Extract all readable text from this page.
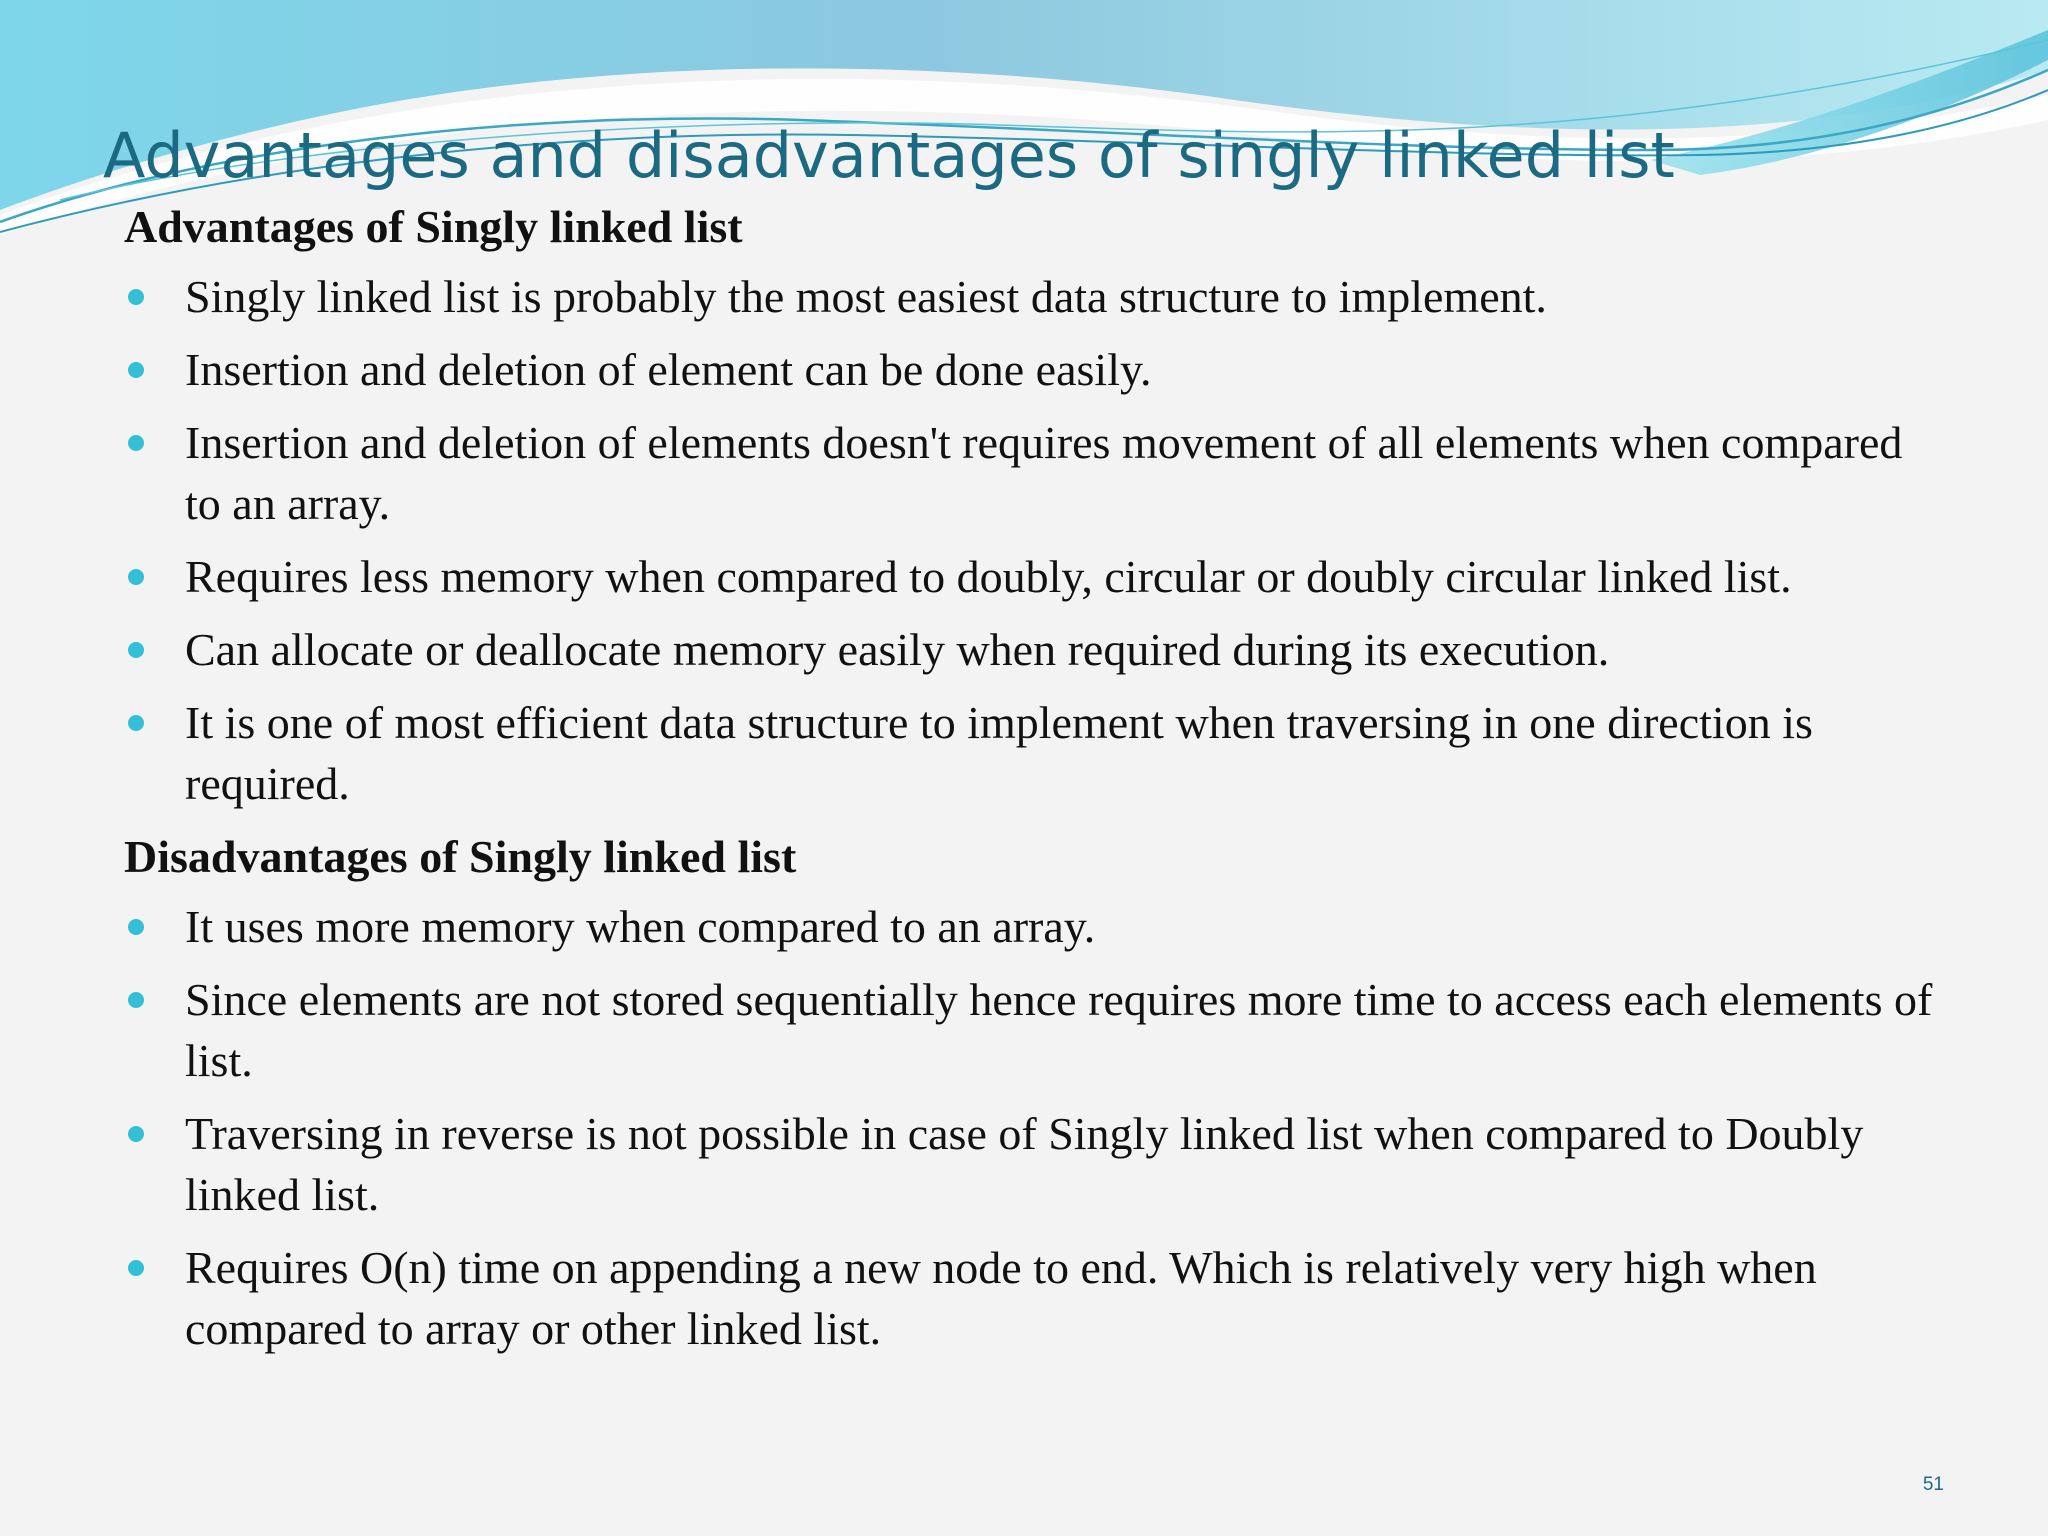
Advantages and disadvantages of singly linked list
Advantages of Singly linked list
Singly linked list is probably the most easiest data structure to implement.
Insertion and deletion of element can be done easily.
Insertion and deletion of elements doesn't requires movement of all elements when compared to an array.
Requires less memory when compared to doubly, circular or doubly circular linked list.
Can allocate or deallocate memory easily when required during its execution.
It is one of most efficient data structure to implement when traversing in one direction is required.
Disadvantages of Singly linked list
It uses more memory when compared to an array.
Since elements are not stored sequentially hence requires more time to access each elements of list.
Traversing in reverse is not possible in case of Singly linked list when compared to Doubly linked list.
Requires O(n) time on appending a new node to end. Which is relatively very high when compared to array or other linked list.
51
